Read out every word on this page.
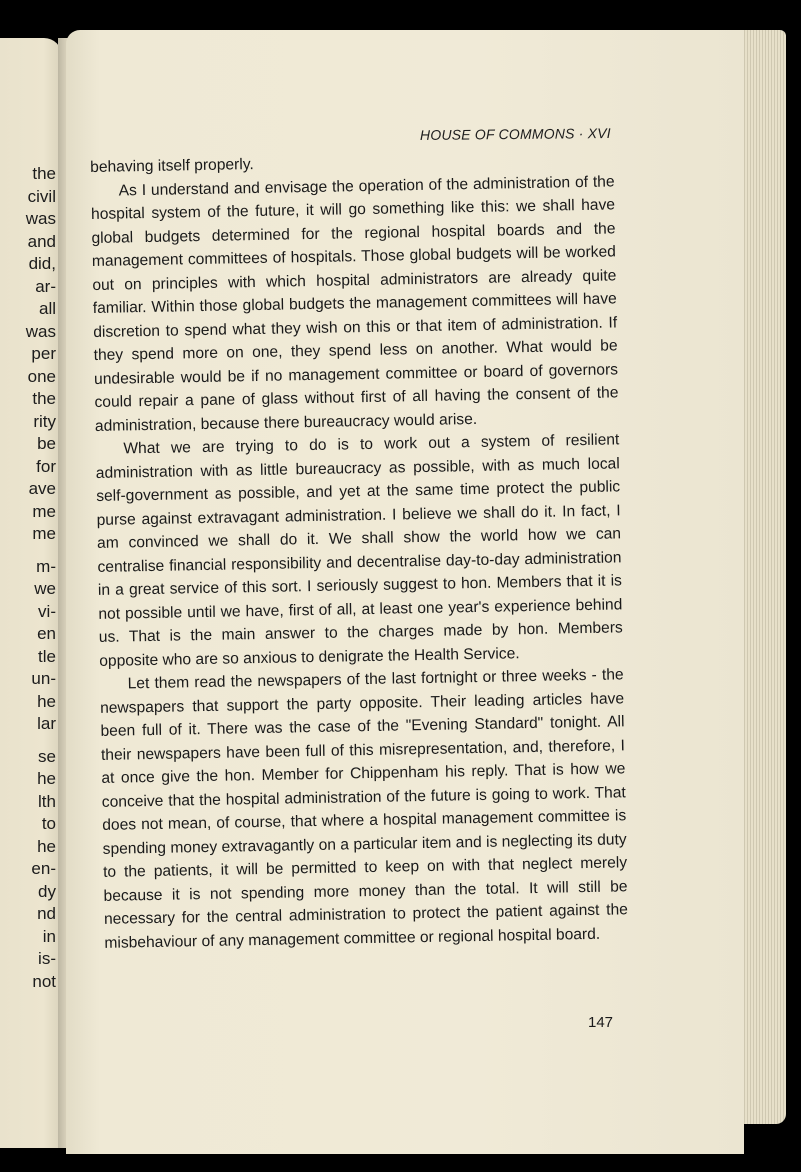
the
civil
was
and
did,
ar-
all
was
per
one
the
rity
be
for
ave
me
me
m-
we
vi-
en
tle
un-
he
lar
se
he
lth
to
he
en-
dy
nd
in
is-
not
HOUSE OF COMMONS · XVI

behaving itself properly.

As I understand and envisage the operation of the administration of the hospital system of the future, it will go something like this: we shall have global budgets determined for the regional hospital boards and the management committees of hospitals. Those global budgets will be worked out on principles with which hospital administrators are already quite familiar. Within those global budgets the management committees will have discretion to spend what they wish on this or that item of administration. If they spend more on one, they spend less on another. What would be undesirable would be if no management committee or board of governors could repair a pane of glass without first of all having the consent of the administration, because there bureaucracy would arise.

What we are trying to do is to work out a system of resilient administration with as little bureaucracy as possible, with as much local self-government as possible, and yet at the same time protect the public purse against extravagant administration. I believe we shall do it. In fact, I am convinced we shall do it. We shall show the world how we can centralise financial responsibility and decentralise day-to-day administration in a great service of this sort. I seriously suggest to hon. Members that it is not possible until we have, first of all, at least one year's experience behind us. That is the main answer to the charges made by hon. Members opposite who are so anxious to denigrate the Health Service.

Let them read the newspapers of the last fortnight or three weeks - the newspapers that support the party opposite. Their leading articles have been full of it. There was the case of the "Evening Standard" tonight. All their newspapers have been full of this misrepresentation, and, therefore, I at once give the hon. Member for Chippenham his reply. That is how we conceive that the hospital administration of the future is going to work. That does not mean, of course, that where a hospital management committee is spending money extravagantly on a particular item and is neglecting its duty to the patients, it will be permitted to keep on with that neglect merely because it is not spending more money than the total. It will still be necessary for the central administration to protect the patient against the misbehaviour of any management committee or regional hospital board.

147
